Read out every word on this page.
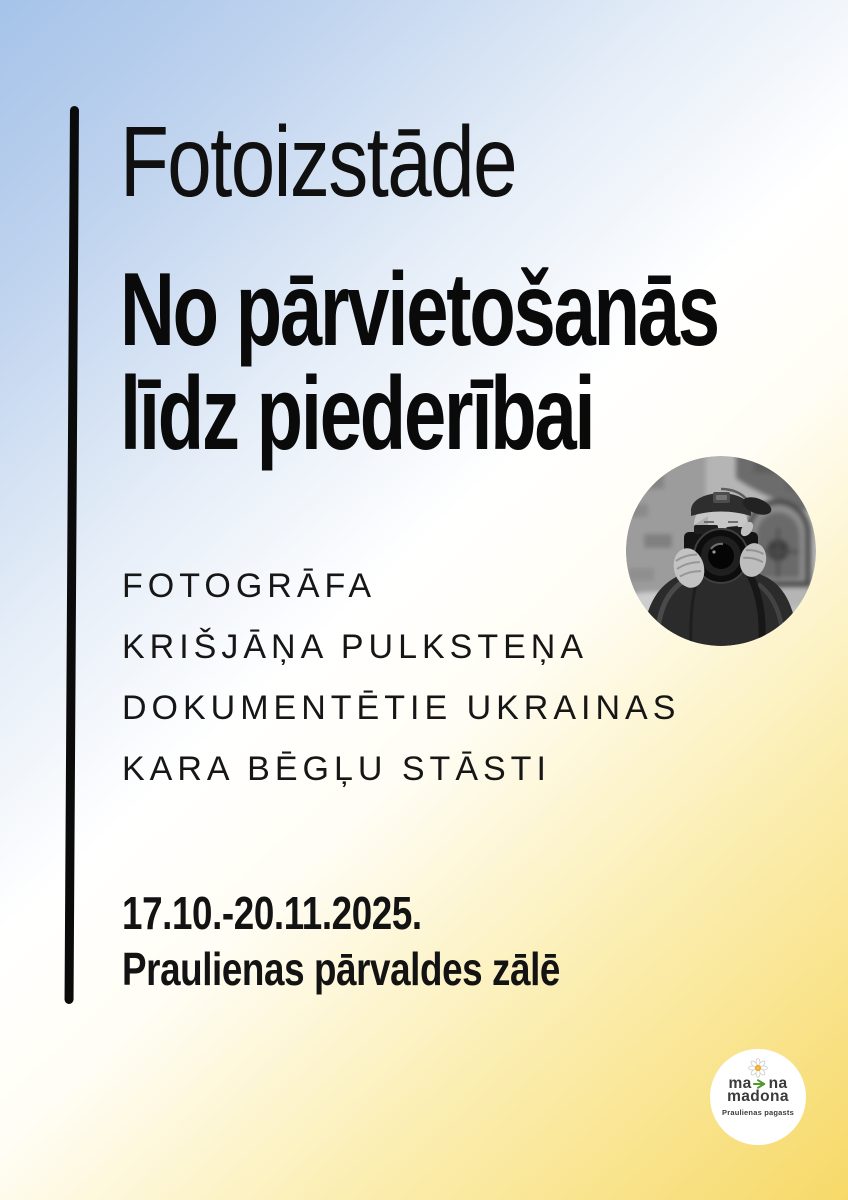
Fotoizstāde
No pārvietošanās
līdz piederībai
FOTOGRĀFA
KRIŠJĀŅA PULKSTEŅA
DOKUMENTĒTIE UKRAINAS
KARA BĒGĻU STĀSTI
17.10.-20.11.2025.
Praulienas pārvaldes zālē
ma na
madona
Praulienas pagasts
